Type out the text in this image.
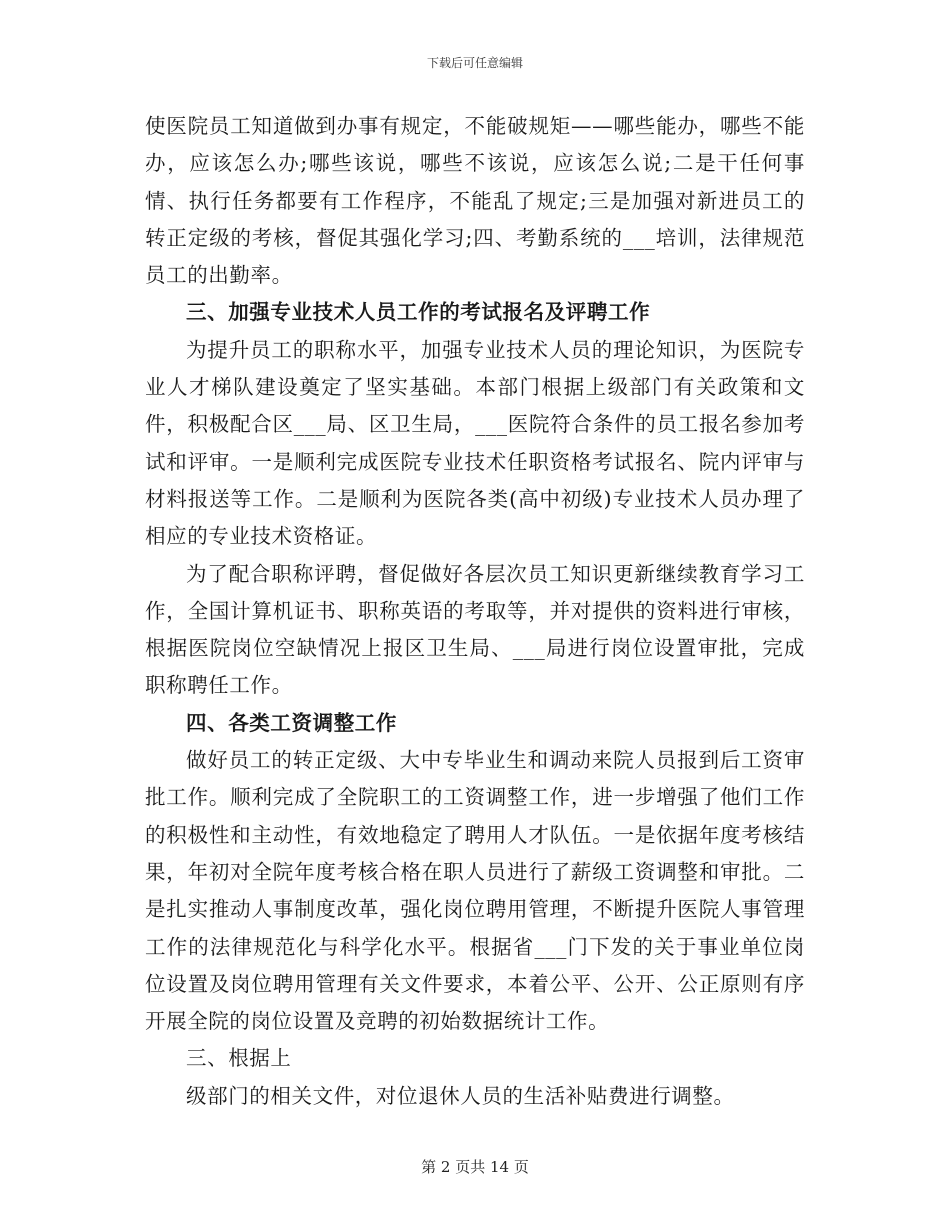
下载后可任意编辑

使医院员工知道做到办事有规定，不能破规矩——哪些能办，哪些不能办，应该怎么办;哪些该说，哪些不该说，应该怎么说;二是干任何事情、执行任务都要有工作程序，不能乱了规定;三是加强对新进员工的转正定级的考核，督促其强化学习;四、考勤系统的___培训，法律规范员工的出勤率。

三、加强专业技术人员工作的考试报名及评聘工作

为提升员工的职称水平，加强专业技术人员的理论知识，为医院专业人才梯队建设奠定了坚实基础。本部门根据上级部门有关政策和文件，积极配合区___局、区卫生局，___医院符合条件的员工报名参加考试和评审。一是顺利完成医院专业技术任职资格考试报名、院内评审与材料报送等工作。二是顺利为医院各类(高中初级)专业技术人员办理了相应的专业技术资格证。

为了配合职称评聘，督促做好各层次员工知识更新继续教育学习工作，全国计算机证书、职称英语的考取等，并对提供的资料进行审核，根据医院岗位空缺情况上报区卫生局、___局进行岗位设置审批，完成职称聘任工作。

四、各类工资调整工作

做好员工的转正定级、大中专毕业生和调动来院人员报到后工资审批工作。顺利完成了全院职工的工资调整工作，进一步增强了他们工作的积极性和主动性，有效地稳定了聘用人才队伍。一是依据年度考核结果，年初对全院年度考核合格在职人员进行了薪级工资调整和审批。二是扎实推动人事制度改革，强化岗位聘用管理，不断提升医院人事管理工作的法律规范化与科学化水平。根据省___门下发的关于事业单位岗位设置及岗位聘用管理有关文件要求，本着公平、公开、公正原则有序开展全院的岗位设置及竞聘的初始数据统计工作。

三、根据上

级部门的相关文件，对位退休人员的生活补贴费进行调整。

第 2 页共 14 页
